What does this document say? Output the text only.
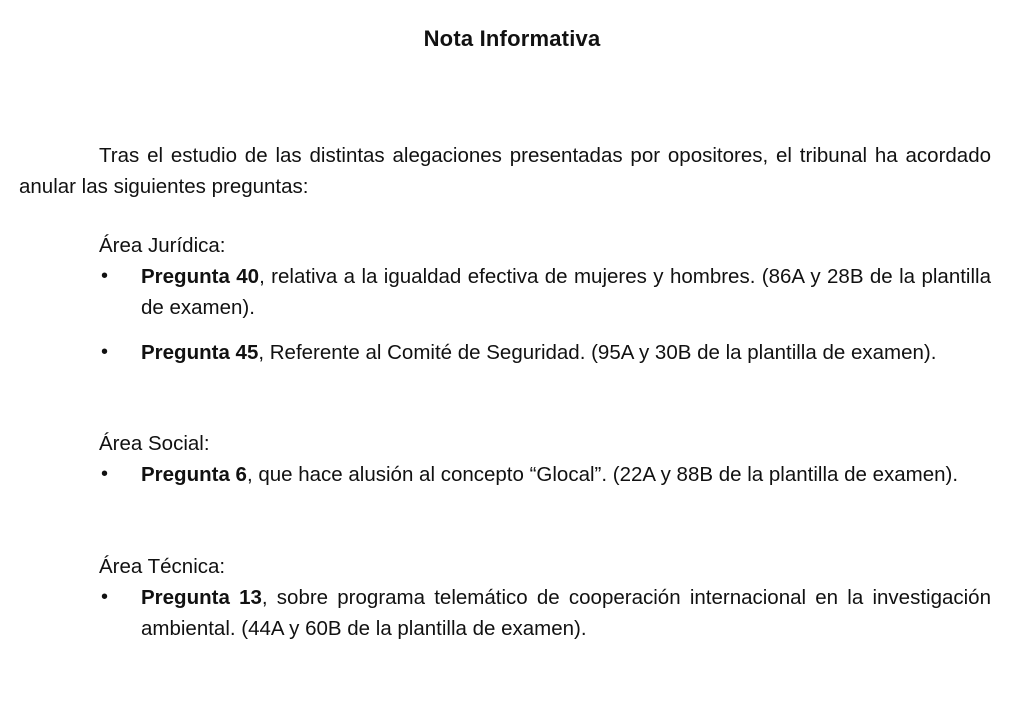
Nota Informativa
Tras el estudio de las distintas alegaciones presentadas por opositores, el tribunal ha acordado anular las siguientes preguntas:

Área Jurídica:

• Pregunta 40, relativa a la igualdad efectiva de mujeres y hombres. (86A y 28B de la plantilla de examen).

• Pregunta 45, Referente al Comité de Seguridad. (95A y 30B de la plantilla de examen).

Área Social:

• Pregunta 6, que hace alusión al concepto “Glocal”. (22A y 88B de la plantilla de examen).

Área Técnica:

• Pregunta 13, sobre programa telemático de cooperación internacional en la investigación ambiental. (44A y 60B de la plantilla de examen).
